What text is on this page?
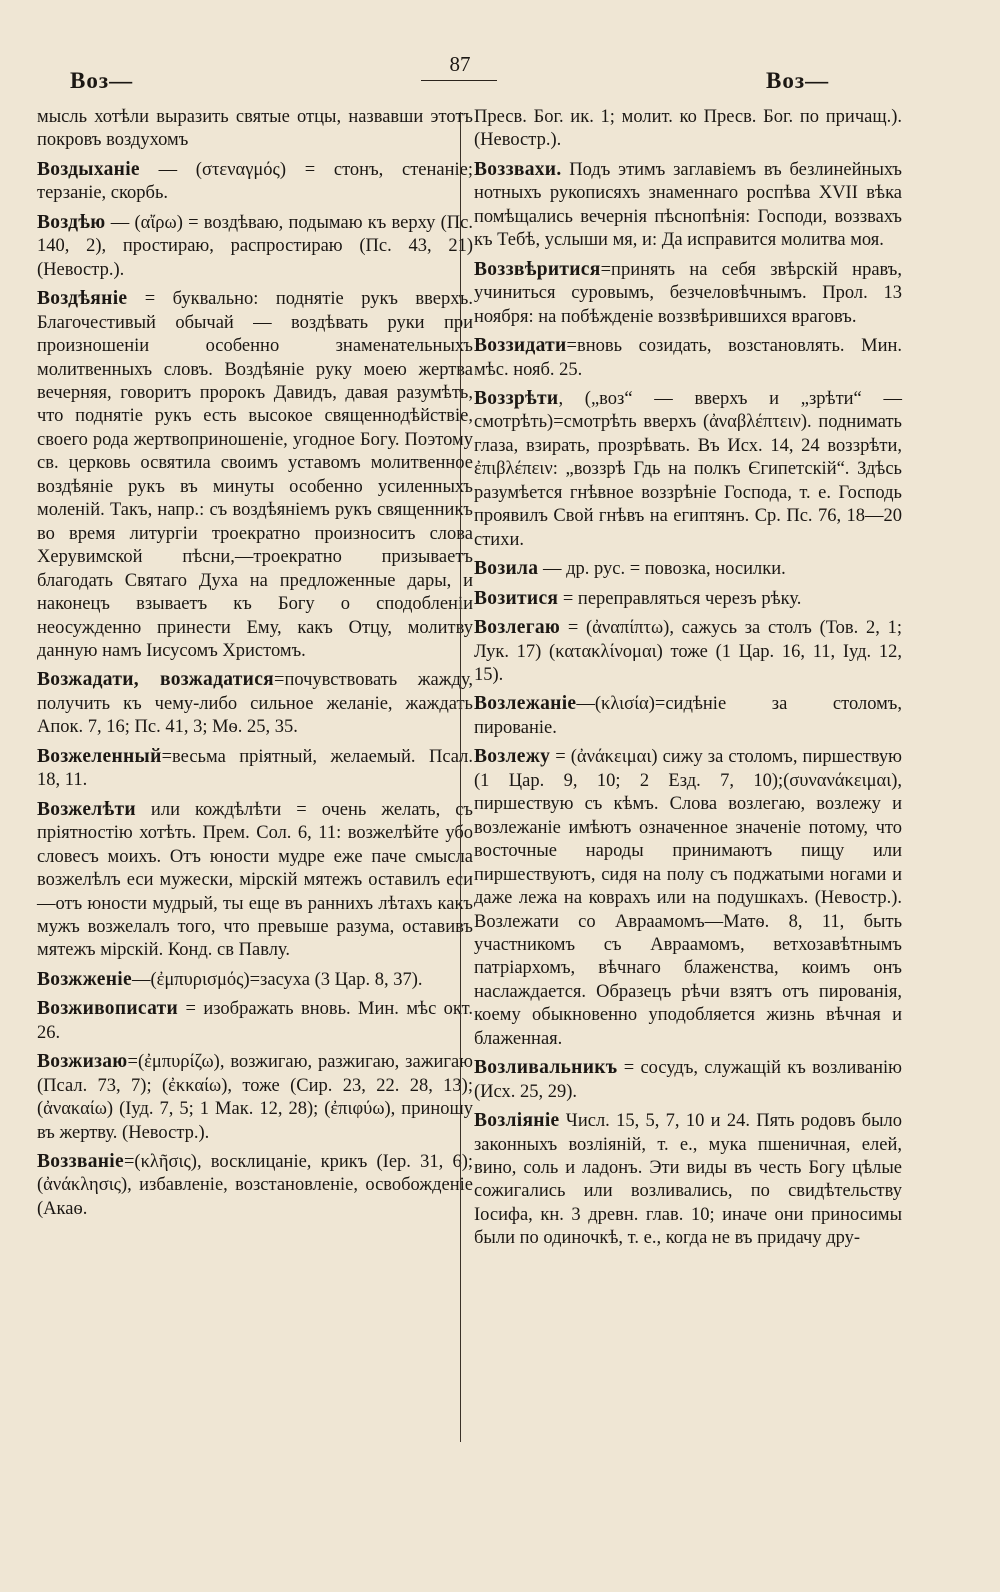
Воз—
87
Воз—

мысль хотѣли выразить святые отцы, назвавши этотъ покровъ воздухомъ

Воздыханіе — (στεναγμός) = стонъ, стенаніе; терзаніе, скорбь.

Воздѣю — (αἴρω) = воздѣваю, подымаю къ верху (Пс. 140, 2), простираю, распростираю (Пс. 43, 21) (Невостр.).

Воздѣяніе = буквально: поднятіе рукъ вверхъ. Благочестивый обычай — воздѣвать руки при произношеніи особенно знаменательныхъ молитвенныхъ словъ. Воздѣяніе руку моею жертва вечерняя, говоритъ пророкъ Давидъ, давая разумѣть, что поднятіе рукъ есть высокое священнодѣйствіе, своего рода жертвоприношеніе, угодное Богу. Поэтому св. церковь освятила своимъ уставомъ молитвенное воздѣяніе рукъ въ минуты особенно усиленныхъ моленій. Такъ, напр.: съ воздѣяніемъ рукъ священникъ во время литургіи троекратно произноситъ слова Херувимской пѣсни,—троекратно призываетъ благодать Святаго Духа на предложенные дары, и наконецъ взываетъ къ Богу о сподобленіи неосужденно принести Ему, какъ Отцу, молитву данную намъ Іисусомъ Христомъ.

Возжадати, возжадатися=почувствовать жажду, получить къ чему-либо сильное желаніе, жаждать Апок. 7, 16; Пс. 41, 3; Мѳ. 25, 35.

Возжеленный=весьма пріятный, желаемый. Псал. 18, 11.

Возжелѣти или кождѣлѣти = очень желать, съ пріятностію хотѣть. Прем. Сол. 6, 11: возжелѣйте убо словесъ моихъ. Отъ юности мудре еже паче смысла возжелѣлъ еси мужески, мірскій мятежъ оставилъ еси—отъ юности мудрый, ты еще въ раннихъ лѣтахъ какъ мужъ возжелалъ того, что превыше разума, оставивъ мятежъ мірскій. Конд. св Павлу.

Возжженіе—(ἐμπυρισμός)=засуха (3 Цар. 8, 37).

Возживописати = изображать вновь. Мин. мѣс окт. 26.

Возжизаю=(ἐμπυρίζω), возжигаю, разжигаю, зажигаю (Псал. 73, 7); (ἐκκαίω), тоже (Сир. 23, 22. 28, 13); (ἀνακαίω) (Iуд. 7, 5; 1 Мак. 12, 28); (ἐπιφύω), приношу въ жертву. (Невостр.).

Воззваніе=(κλῆσις), восклицаніе, крикъ (Iер. 31, 6); (ἀνάκλησις), избавленіе, возстановленіе, освобожденіе (Акаѳ.

Пресв. Бог. ик. 1; молит. ко Пресв. Бог. по причащ.). (Невостр.).

Воззвахи. Подъ этимъ заглавіемъ въ безлинейныхъ нотныхъ рукописяхъ знаменнаго роспѣва XVII вѣка помѣщались вечернія пѣснопѣнія: Господи, воззвахъ къ Тебѣ, услыши мя, и: Да исправится молитва моя.

Воззвѣритися=принять на себя звѣрскій нравъ, учиниться суровымъ, безчеловѣчнымъ. Прол. 13 ноября: на побѣжденіе воззвѣрившихся враговъ.

Воззидати=вновь созидать, возстановлять. Мин. мѣс. нояб. 25.

Воззрѣти, („воз“ — вверхъ и „зрѣти“ — смотрѣть)=смотрѣть вверхъ (ἀναβλέπτειν). поднимать глаза, взирать, прозрѣвать. Въ Исх. 14, 24 воззрѣти, ἐπιβλέπειν: „воззрѣ Гдь на полкъ Єгипетскій“. Здѣсь разумѣется гнѣвное воззрѣніе Господа, т. е. Господь проявилъ Свой гнѣвъ на египтянъ. Ср. Пс. 76, 18—20 стихи.

Возила — др. рус. = повозка, носилки.

Возитися = переправляться черезъ рѣку.

Возлегаю = (ἀναπίπτω), сажусь за столъ (Тов. 2, 1; Лук. 17) (κατακλίνομαι) тоже (1 Цар. 16, 11, Iуд. 12, 15).

Возлежаніе—(κλισία)=сидѣніе за столомъ, пированіе.

Возлежу = (ἀνάκειμαι) сижу за столомъ, пиршествую (1 Цар. 9, 10; 2 Езд. 7, 10);(συνανάκειμαι), пиршествую съ кѣмъ. Слова возлегаю, возлежу и возлежаніе имѣютъ означенное значеніе потому, что восточные народы принимаютъ пищу или пиршествуютъ, сидя на полу съ поджатыми ногами и даже лежа на коврахъ или на подушкахъ. (Невостр.). Возлежати со Авраамомъ—Матѳ. 8, 11, быть участникомъ съ Авраамомъ, ветхозавѣтнымъ патріархомъ, вѣчнаго блаженства, коимъ онъ наслаждается. Образецъ рѣчи взятъ отъ пированія, коему обыкновенно уподобляется жизнь вѣчная и блаженная.

Возливальникъ = сосудъ, служащій къ возливанію (Исх. 25, 29).

Возліяніе Числ. 15, 5, 7, 10 и 24. Пять родовъ было законныхъ возліяній, т. е., мука пшеничная, елей, вино, соль и ладонъ. Эти виды въ честь Богу цѣлые сожигались или возливались, по свидѣтельству Іосифа, кн. 3 древн. глав. 10; иначе они приносимы были по одиночкѣ, т. е., когда не въ придачу дру-
